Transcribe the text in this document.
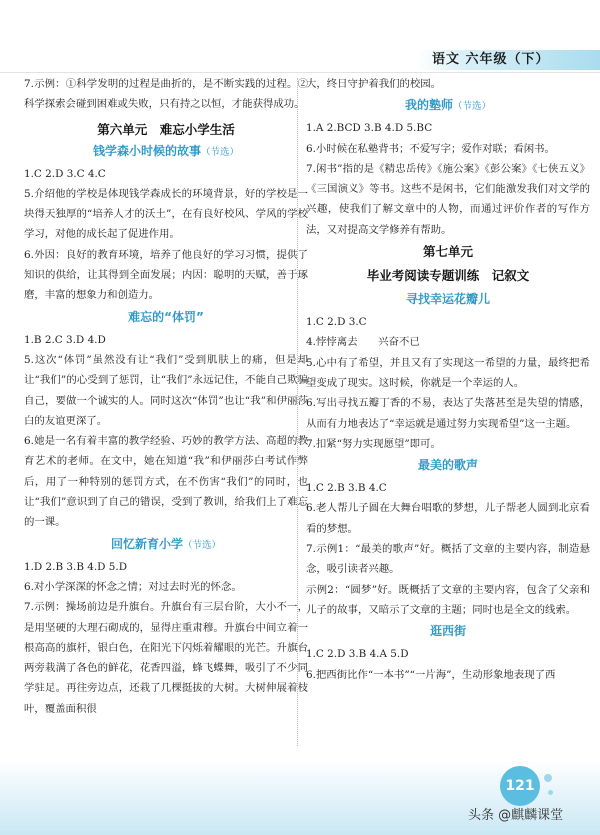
语文 六年级（下）

7.示例：①科学发明的过程是曲折的，是不断实践的过程。②科学探索会碰到困难或失败，只有持之以恒，才能获得成功。

第六单元　难忘小学生活
钱学森小时候的故事（节选）

1.C 2.D 3.C 4.C

5.介绍他的学校是体现钱学森成长的环境背景，好的学校是一块得天独厚的“培养人才的沃土”，在有良好校风、学风的学校学习，对他的成长起了促进作用。

6.外因：良好的教育环境，培养了他良好的学习习惯，提供了知识的供给，让其得到全面发展；内因：聪明的天赋，善于琢磨，丰富的想象力和创造力。

难忘的“体罚”

1.B 2.C 3.D 4.D

5.这次“体罚”虽然没有让“我们”受到肌肤上的痛，但是却让“我们”的心受到了惩罚，让“我们”永远记住，不能自己欺骗自己，要做一个诚实的人。同时这次“体罚”也让“我”和伊丽莎白的友谊更深了。

6.她是一名有着丰富的教学经验、巧妙的教学方法、高超的教育艺术的老师。在文中，她在知道“我”和伊丽莎白考试作弊后，用了一种特别的惩罚方式，在不伤害“我们”的同时，也让“我们”意识到了自己的错误，受到了教训，给我们上了难忘的一课。

回忆新育小学（节选）

1.D 2.B 3.B 4.D 5.D

6.对小学深深的怀念之情；对过去时光的怀念。

7.示例：操场前边是升旗台。升旗台有三层台阶，大小不一，是用坚硬的大理石砌成的，显得庄重肃穆。升旗台中间立着一根高高的旗杆，银白色，在阳光下闪烁着耀眼的光芒。升旗台两旁栽满了各色的鲜花，花香四溢，蜂飞蝶舞，吸引了不少同学驻足。再往旁边点，还栽了几棵挺拔的大树。大树伸展着枝叶，覆盖面积很

大，终日守护着我们的校园。

我的塾师（节选）

1.A 2.BCD 3.B 4.D 5.BC

6.小时候在私塾背书；不爱写字；爱作对联；看闲书。

7.闲书”指的是《精忠岳传》《施公案》《彭公案》《七侠五义》《三国演义》等书。这些不是闲书，它们能激发我们对文学的兴趣，使我们了解文章中的人物，而通过评价作者的写作方法，又对提高文学修养有帮助。

第七单元
毕业考阅读专题训练　记叙文
寻找幸运花瓣儿

1.C 2.D 3.C

4.悖悖离去　　兴奋不已

5.心中有了希望，并且又有了实现这一希望的力量，最终把希望变成了现实。这时候，你就是一个幸运的人。

6.写出寻找五瓣丁香的不易，表达了失落甚至是失望的情感，从而有力地表达了“幸运就是通过努力实现希望”这一主题。

7.扣紧“努力实现愿望”即可。

最美的歌声

1.C 2.B 3.B 4.C

6.老人帮儿子圆在大舞台唱歌的梦想，儿子帮老人圆到北京看看的梦想。

7.示例1：“最美的歌声”好。概括了文章的主要内容，制造悬念，吸引读者兴趣。

示例2：“圆梦”好。既概括了文章的主要内容，包含了父亲和儿子的故事，又暗示了文章的主题；同时也是全文的线索。

逛西街

1.C 2.D 3.B 4.A 5.D

6.把西街比作“一本书”“一片海”，生动形象地表现了西

121
头条 @麒麟课堂
